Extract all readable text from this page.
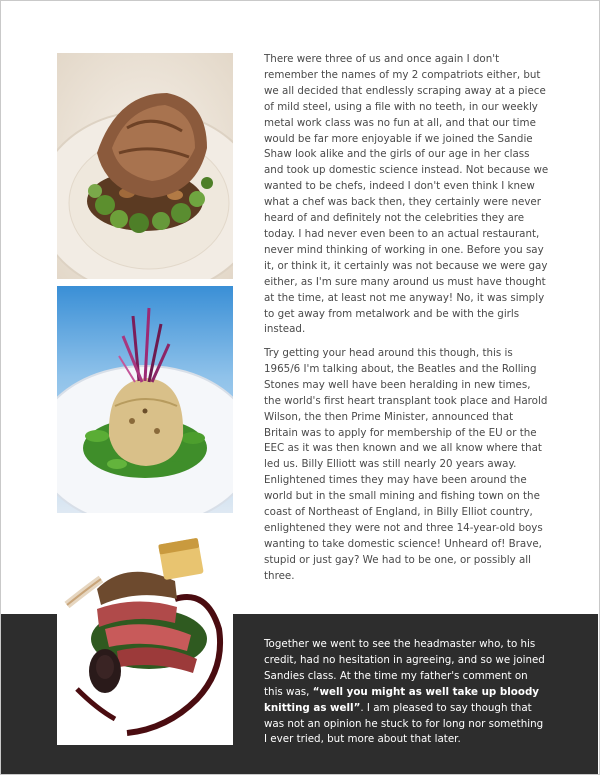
There were three of us and once again I don't remember the names of my 2 compatriots either, but we all decided that endlessly scraping away at a piece of mild steel, using a file with no teeth, in our weekly metal work class was no fun at all, and that our time would be far more enjoyable if we joined the Sandie Shaw look alike and the girls of our age in her class and took up domestic science instead. Not because we wanted to be chefs, indeed I don't even think I knew what a chef was back then, they certainly were never heard of and definitely not the celebrities they are today. I had never even been to an actual restaurant, never mind thinking of working in one. Before you say it, or think it, it certainly was not because we were gay either, as I'm sure many around us must have thought at the time, at least not me anyway! No, it was simply to get away from metalwork and be with the girls instead.

Try getting your head around this though, this is 1965/6 I'm talking about, the Beatles and the Rolling Stones may well have been heralding in new times, the world's first heart transplant took place and Harold Wilson, the then Prime Minister, announced that Britain was to apply for membership of the EU or the EEC as it was then known and we all know where that led us. Billy Elliott was still nearly 20 years away. Enlightened times they may have been around the world but in the small mining and fishing town on the coast of Northeast of England, in Billy Elliot country, enlightened they were not and three 14-year-old boys wanting to take domestic science! Unheard of! Brave, stupid or just gay? We had to be one, or possibly all three.

Together we went to see the headmaster who, to his credit, had no hesitation in agreeing, and so we joined Sandies class. At the time my father's comment on this was, “well you might as well take up bloody knitting as well”. I am pleased to say though that was not an opinion he stuck to for long nor something I ever tried, but more about that later.
